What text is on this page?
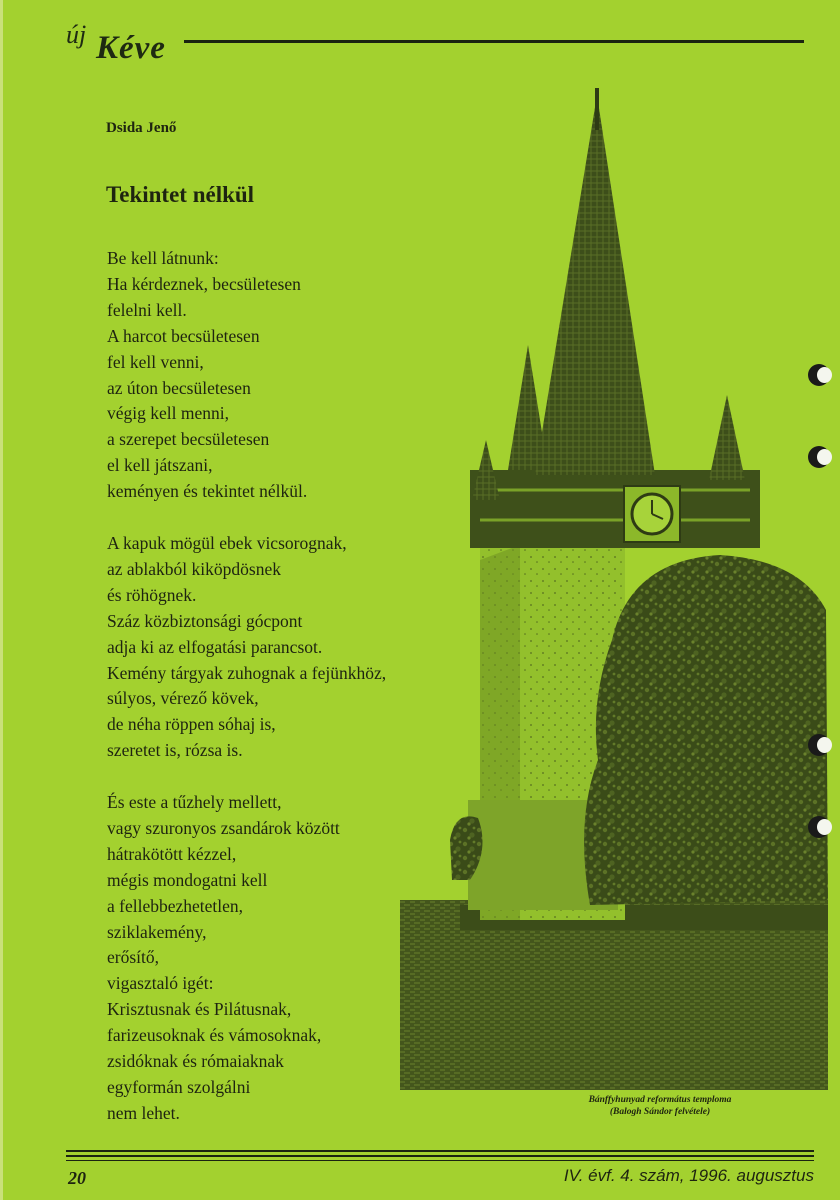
új Kéve
Dsida Jenő
Tekintet nélkül
Be kell látnunk:
Ha kérdeznek, becsületesen
felelni kell.
A harcot becsületesen
fel kell venni,
az úton becsületesen
végig kell menni,
a szerepet becsületesen
el kell játszani,
keményen és tekintet nélkül.
A kapuk mögül ebek vicsorognak,
az ablakból kiköpdösnek
és röhögnek.
Száz közbiztonsági gócpont
adja ki az elfogatási parancsot.
Kemény tárgyak zuhognak a fejünkhöz,
súlyos, vérező kövek,
de néha röppen sóhaj is,
szeretet is, rózsa is.
És este a tűzhely mellett,
vagy szuronyos zsandárok között
hátrakötött kézzel,
mégis mondogatni kell
a fellebbezhetetlen,
sziklakemény,
erősítő,
vigasztaló igét:
Krisztusnak és Pilátusnak,
farizeusoknak és vámosoknak,
zsidóknak és rómaiaknak
egyformán szolgálni
nem lehet.
Bánffyhunyad református temploma
(Balogh Sándor felvétele)
20	IV. évf. 4. szám, 1996. augusztus
